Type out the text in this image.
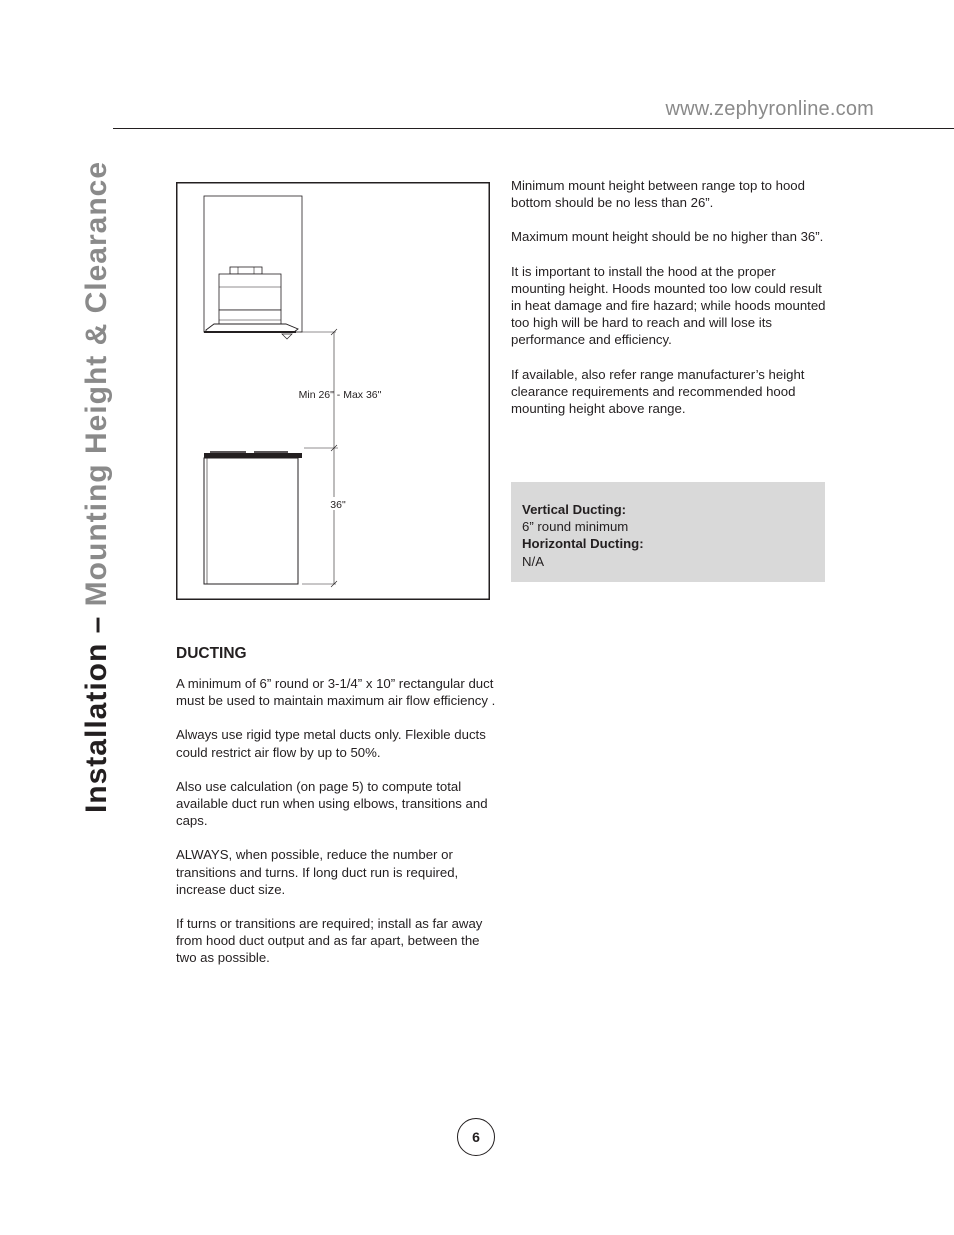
www.zephyronline.com
Installation – Mounting Height & Clearance	Min 26" - Max 36"
36"

Minimum mount height between range top to hood bottom should be no less than 26”.

Maximum mount height should be no higher than 36”.

It is important to install the hood at the proper mounting height. Hoods mounted too low could result in heat damage and fire hazard; while hoods mounted too high will be hard to reach and will lose its performance and efficiency.

If available, also refer range manufacturer’s height clearance requirements and recommended hood mounting height above range.

Vertical Ducting:
6” round minimum
Horizontal Ducting:
N/A
DUCTING

A minimum of 6” round or 3-1/4” x 10” rectangular duct must be used to maintain maximum air flow efficiency .

Always use rigid type metal ducts only. Flexible ducts could restrict air flow by up to 50%.

Also use calculation (on page 5) to compute total available duct run when using elbows, transitions and caps.

ALWAYS, when possible, reduce the number or transitions and turns. If long duct run is required, increase duct size.

If turns or transitions are required; install as far away from hood duct output and as far apart, between the two as possible.

6
